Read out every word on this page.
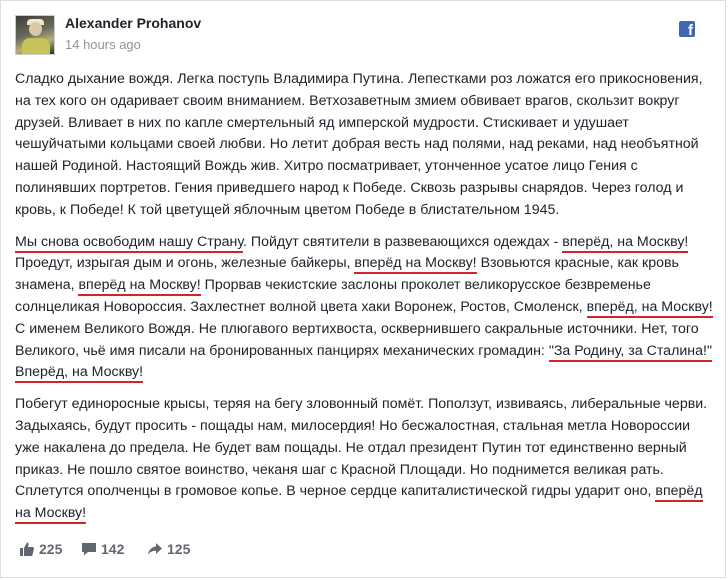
Alexander Prohanov
14 hours ago
f

Сладко дыхание вождя. Легка поступь Владимира Путина. Лепестками роз ложатся его прикосновения, на тех кого он одаривает своим вниманием. Ветхозаветным змием обвивает врагов, скользит вокруг друзей. Вливает в них по капле смертельный яд имперской мудрости. Стискивает и удушает чешуйчатыми кольцами своей любви. Но летит добрая весть над полями, над реками, над необъятной нашей Родиной. Настоящий Вождь жив. Хитро посматривает, утонченное усатое лицо Гения с полинявших портретов. Гения приведшего народ к Победе. Сквозь разрывы снарядов. Через голод и кровь, к Победе! К той цветущей яблочным цветом Победе в блистательном 1945.

Мы снова освободим нашу Страну. Пойдут святители в развевающихся одеждах - вперёд, на Москву! Проедут, изрыгая дым и огонь, железные байкеры, вперёд на Москву! Взовьются красные, как кровь знамена, вперёд на Москву! Прорвав чекистские заслоны проколет великорусское безвременье солнцеликая Новороссия. Захлестнет волной цвета хаки Воронеж, Ростов, Смоленск, вперёд, на Москву! С именем Великого Вождя. Не плюгавого вертихвоста, осквернившего сакральные источники. Нет, того Великого, чьё имя писали на бронированных панцирях механических громадин: "За Родину, за Сталина!" Вперёд, на Москву!

Побегут единоросные крысы, теряя на бегу зловонный помёт. Поползут, извиваясь, либеральные черви. Задыхаясь, будут просить - пощады нам, милосердия! Но бесжалостная, стальная метла Новороссии уже накалена до предела. Не будет вам пощады. Не отдал президент Путин тот единственно верный приказ. Не пошло святое воинство, чеканя шаг с Красной Площади. Но поднимется великая рать. Сплетутся ополченцы в громовое копье. В черное сердце капиталистической гидры ударит оно, вперёд на Москву!

225	142	125
